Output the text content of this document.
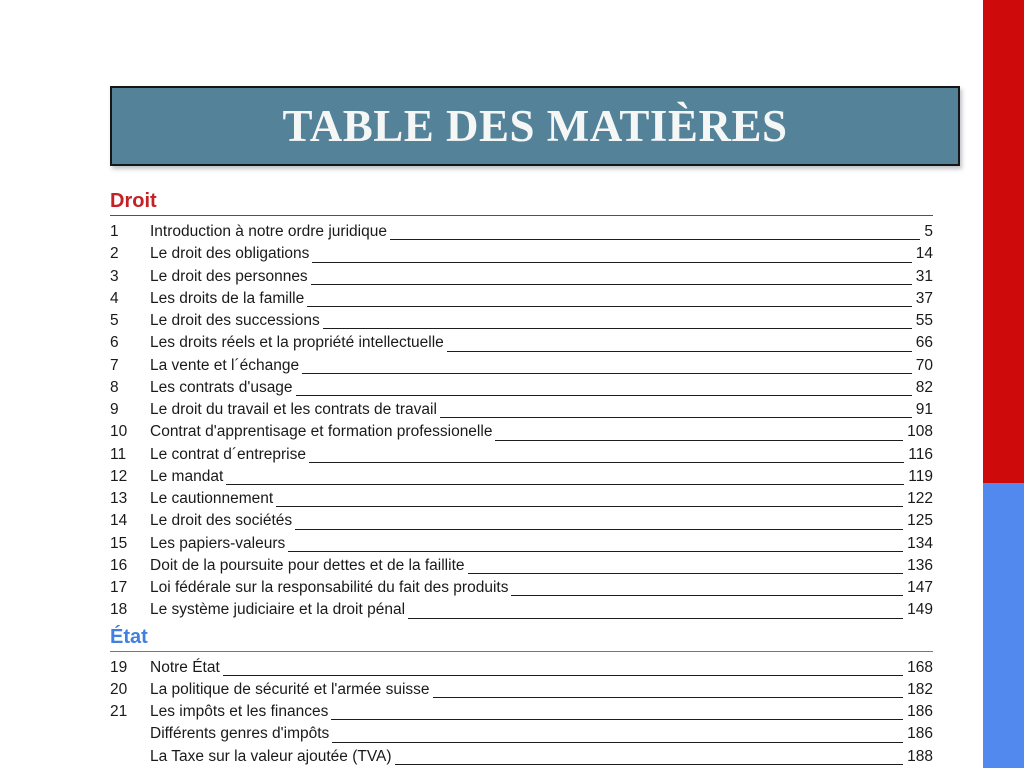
TABLE DES MATIÈRES
Droit
1	Introduction à notre ordre juridique	5
2	Le droit des obligations	14
3	Le droit des personnes	31
4	Les droits de la famille	37
5	Le droit des successions	55
6	Les droits réels et la propriété intellectuelle	66
7	La vente et l´échange	70
8	Les contrats d'usage	82
9	Le droit du travail et les contrats de travail	91
10	Contrat d'apprentisage et formation professionelle	108
11	Le contrat d´entreprise	116
12	Le mandat	119
13	Le cautionnement	122
14	Le droit des sociétés	125
15	Les papiers-valeurs	134
16	Doit de la poursuite pour dettes et de la faillite	136
17	Loi fédérale sur la responsabilité du fait des produits	147
18	Le système judiciaire et la droit pénal	149
État
19	Notre État	168
20	La politique de sécurité et l'armée suisse	182
21	Les impôts et les finances	186
Différents genres d'impôts	186
La Taxe sur la valeur ajoutée (TVA)	188
